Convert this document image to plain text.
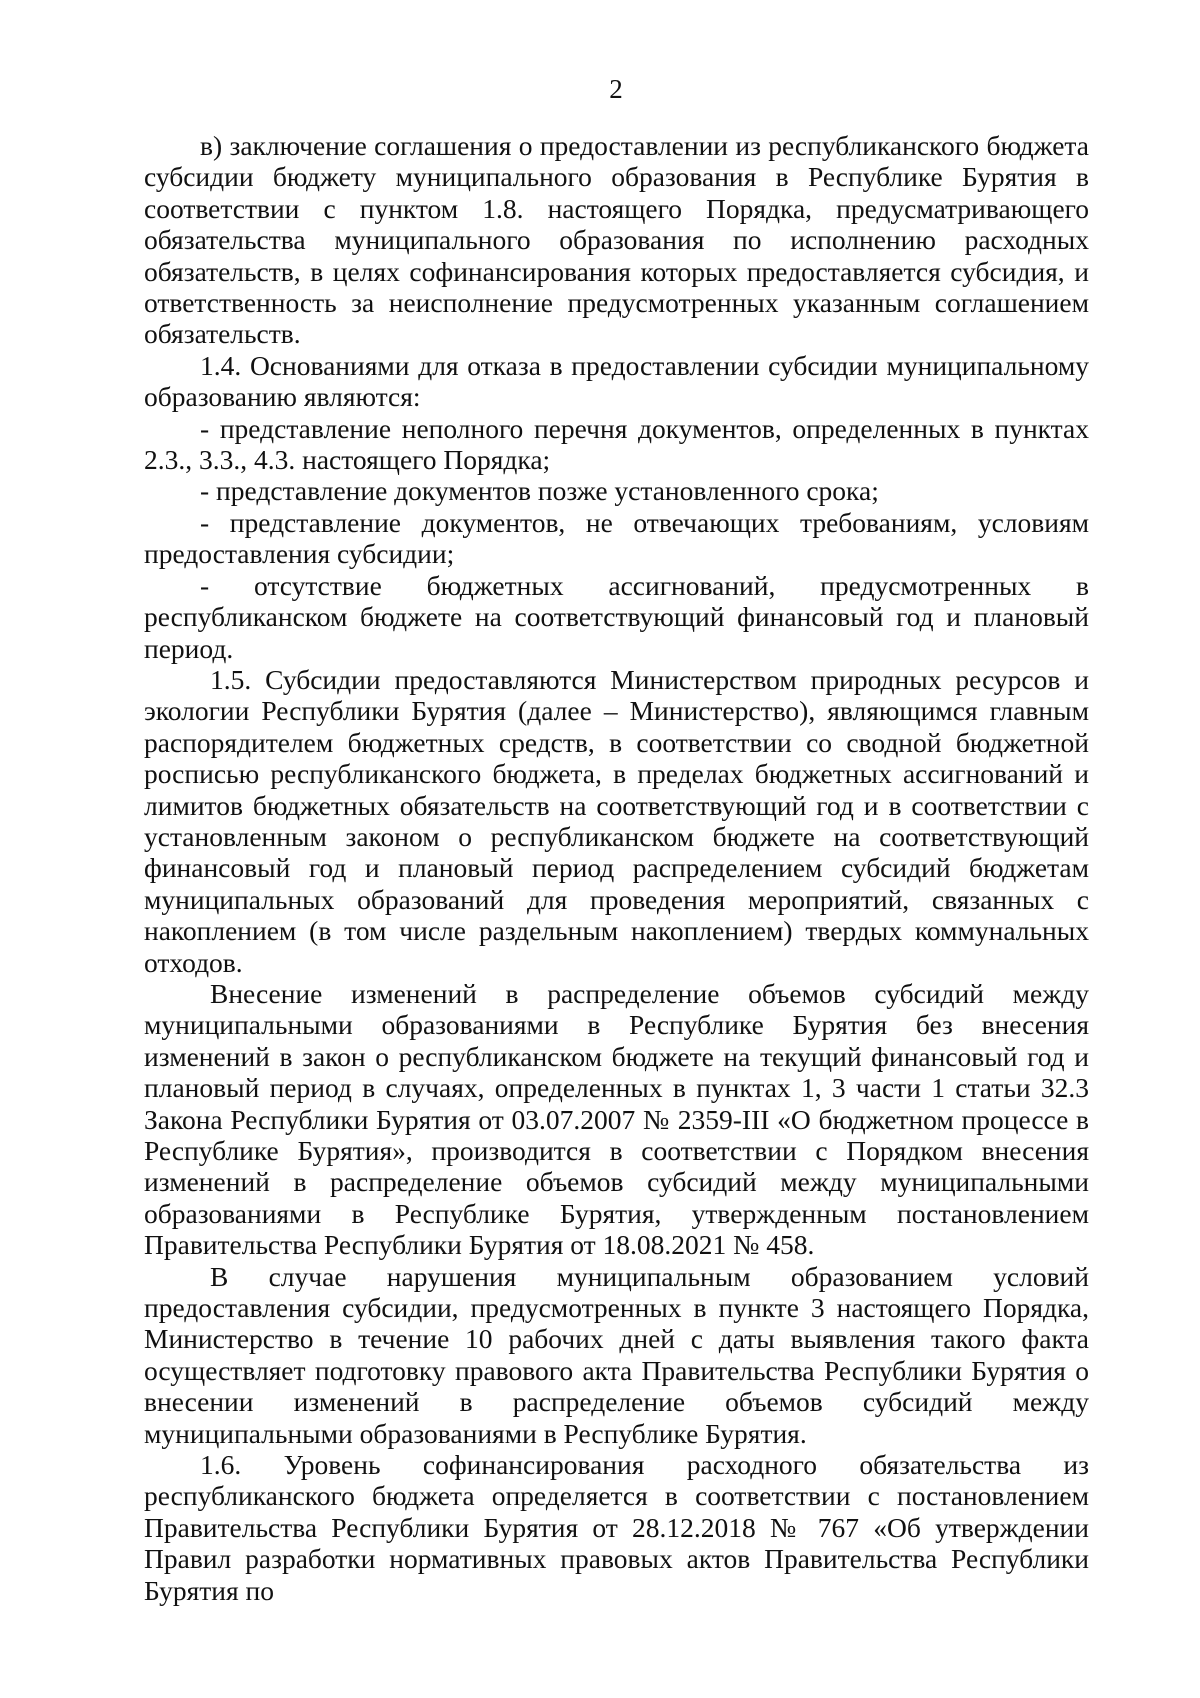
2

в) заключение соглашения о предоставлении из республиканского бюджета субсидии бюджету муниципального образования в Республике Бурятия в соответствии с пунктом 1.8. настоящего Порядка, предусматривающего обязательства муниципального образования по исполнению расходных обязательств, в целях софинансирования которых предоставляется субсидия, и ответственность за неисполнение предусмотренных указанным соглашением обязательств.

1.4. Основаниями для отказа в предоставлении субсидии муниципальному образованию являются:

- представление неполного перечня документов, определенных в пунктах 2.3., 3.3., 4.3. настоящего Порядка;

- представление документов позже установленного срока;

- представление документов, не отвечающих требованиям, условиям предоставления субсидии;

- отсутствие бюджетных ассигнований, предусмотренных в республиканском бюджете на соответствующий финансовый год и плановый период.

1.5. Субсидии предоставляются Министерством природных ресурсов и экологии Республики Бурятия (далее – Министерство), являющимся главным распорядителем бюджетных средств, в соответствии со сводной бюджетной росписью республиканского бюджета, в пределах бюджетных ассигнований и лимитов бюджетных обязательств на соответствующий год и в соответствии с установленным законом о республиканском бюджете на соответствующий финансовый год и плановый период распределением субсидий бюджетам муниципальных образований для проведения мероприятий, связанных с накоплением (в том числе раздельным накоплением) твердых коммунальных отходов.

Внесение изменений в распределение объемов субсидий между муниципальными образованиями в Республике Бурятия без внесения изменений в закон о республиканском бюджете на текущий финансовый год и плановый период в случаях, определенных в пунктах 1, 3 части 1 статьи 32.3 Закона Республики Бурятия от 03.07.2007 № 2359-III «О бюджетном процессе в Республике Бурятия», производится в соответствии с Порядком внесения изменений в распределение объемов субсидий между муниципальными образованиями в Республике Бурятия, утвержденным постановлением Правительства Республики Бурятия от 18.08.2021 № 458.

В случае нарушения муниципальным образованием условий предоставления субсидии, предусмотренных в пункте 3 настоящего Порядка, Министерство в течение 10 рабочих дней с даты выявления такого факта осуществляет подготовку правового акта Правительства Республики Бурятия о внесении изменений в распределение объемов субсидий между муниципальными образованиями в Республике Бурятия.

1.6. Уровень софинансирования расходного обязательства из республиканского бюджета определяется в соответствии с постановлением Правительства Республики Бурятия от 28.12.2018 № 767 «Об утверждении Правил разработки нормативных правовых актов Правительства Республики Бурятия по
